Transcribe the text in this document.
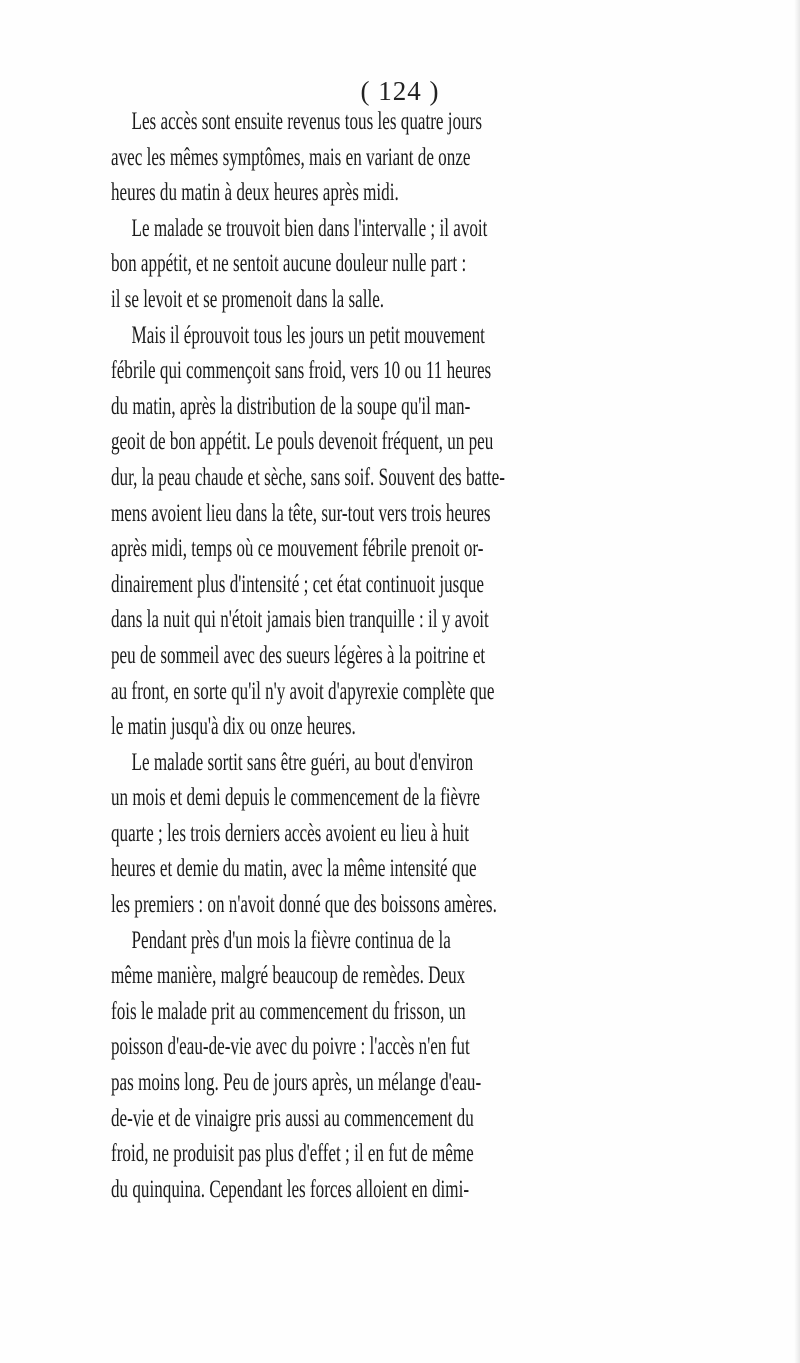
( 124 )
Les accès sont ensuite revenus tous les quatre jours
avec les mêmes symptômes, mais en variant de onze
heures du matin à deux heures après midi.
Le malade se trouvoit bien dans l'intervalle ; il avoit
bon appétit, et ne sentoit aucune douleur nulle part :
il se levoit et se promenoit dans la salle.
Mais il éprouvoit tous les jours un petit mouvement
fébrile qui commençoit sans froid, vers 10 ou 11 heures
du matin, après la distribution de la soupe qu'il man-
geoit de bon appétit. Le pouls devenoit fréquent, un peu
dur, la peau chaude et sèche, sans soif. Souvent des batte-
mens avoient lieu dans la tête, sur-tout vers trois heures
après midi, temps où ce mouvement fébrile prenoit or-
dinairement plus d'intensité ; cet état continuoit jusque
dans la nuit qui n'étoit jamais bien tranquille : il y avoit
peu de sommeil avec des sueurs légères à la poitrine et
au front, en sorte qu'il n'y avoit d'apyrexie complète que
le matin jusqu'à dix ou onze heures.
Le malade sortit sans être guéri, au bout d'environ
un mois et demi depuis le commencement de la fièvre
quarte ; les trois derniers accès avoient eu lieu à huit
heures et demie du matin, avec la même intensité que
les premiers : on n'avoit donné que des boissons amères.
Pendant près d'un mois la fièvre continua de la
même manière, malgré beaucoup de remèdes. Deux
fois le malade prit au commencement du frisson, un
poisson d'eau-de-vie avec du poivre : l'accès n'en fut
pas moins long. Peu de jours après, un mélange d'eau-
de-vie et de vinaigre pris aussi au commencement du
froid, ne produisit pas plus d'effet ; il en fut de même
du quinquina. Cependant les forces alloient en dimi-
